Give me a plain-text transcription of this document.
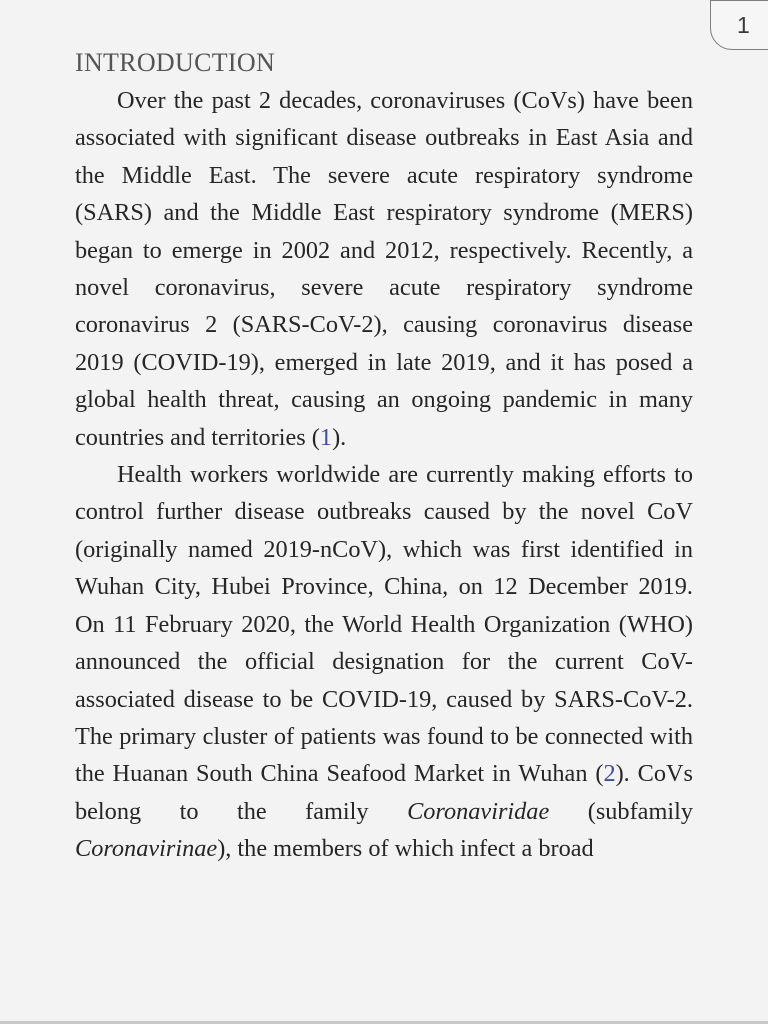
1
INTRODUCTION

Over the past 2 decades, coronaviruses (CoVs) have been associated with significant disease outbreaks in East Asia and the Middle East. The severe acute respiratory syndrome (SARS) and the Middle East respiratory syndrome (MERS) began to emerge in 2002 and 2012, respectively. Recently, a novel coronavirus, severe acute respiratory syndrome coronavirus 2 (SARS-CoV-2), causing coronavirus disease 2019 (COVID-19), emerged in late 2019, and it has posed a global health threat, causing an ongoing pandemic in many countries and territories (1).

Health workers worldwide are currently making efforts to control further disease outbreaks caused by the novel CoV (originally named 2019-nCoV), which was first identified in Wuhan City, Hubei Province, China, on 12 December 2019. On 11 February 2020, the World Health Organization (WHO) announced the official designation for the current CoV-associated disease to be COVID-19, caused by SARS-CoV-2. The primary cluster of patients was found to be connected with the Huanan South China Seafood Market in Wuhan (2). CoVs belong to the family Coronaviridae (subfamily Coronavirinae), the members of which infect a broad
